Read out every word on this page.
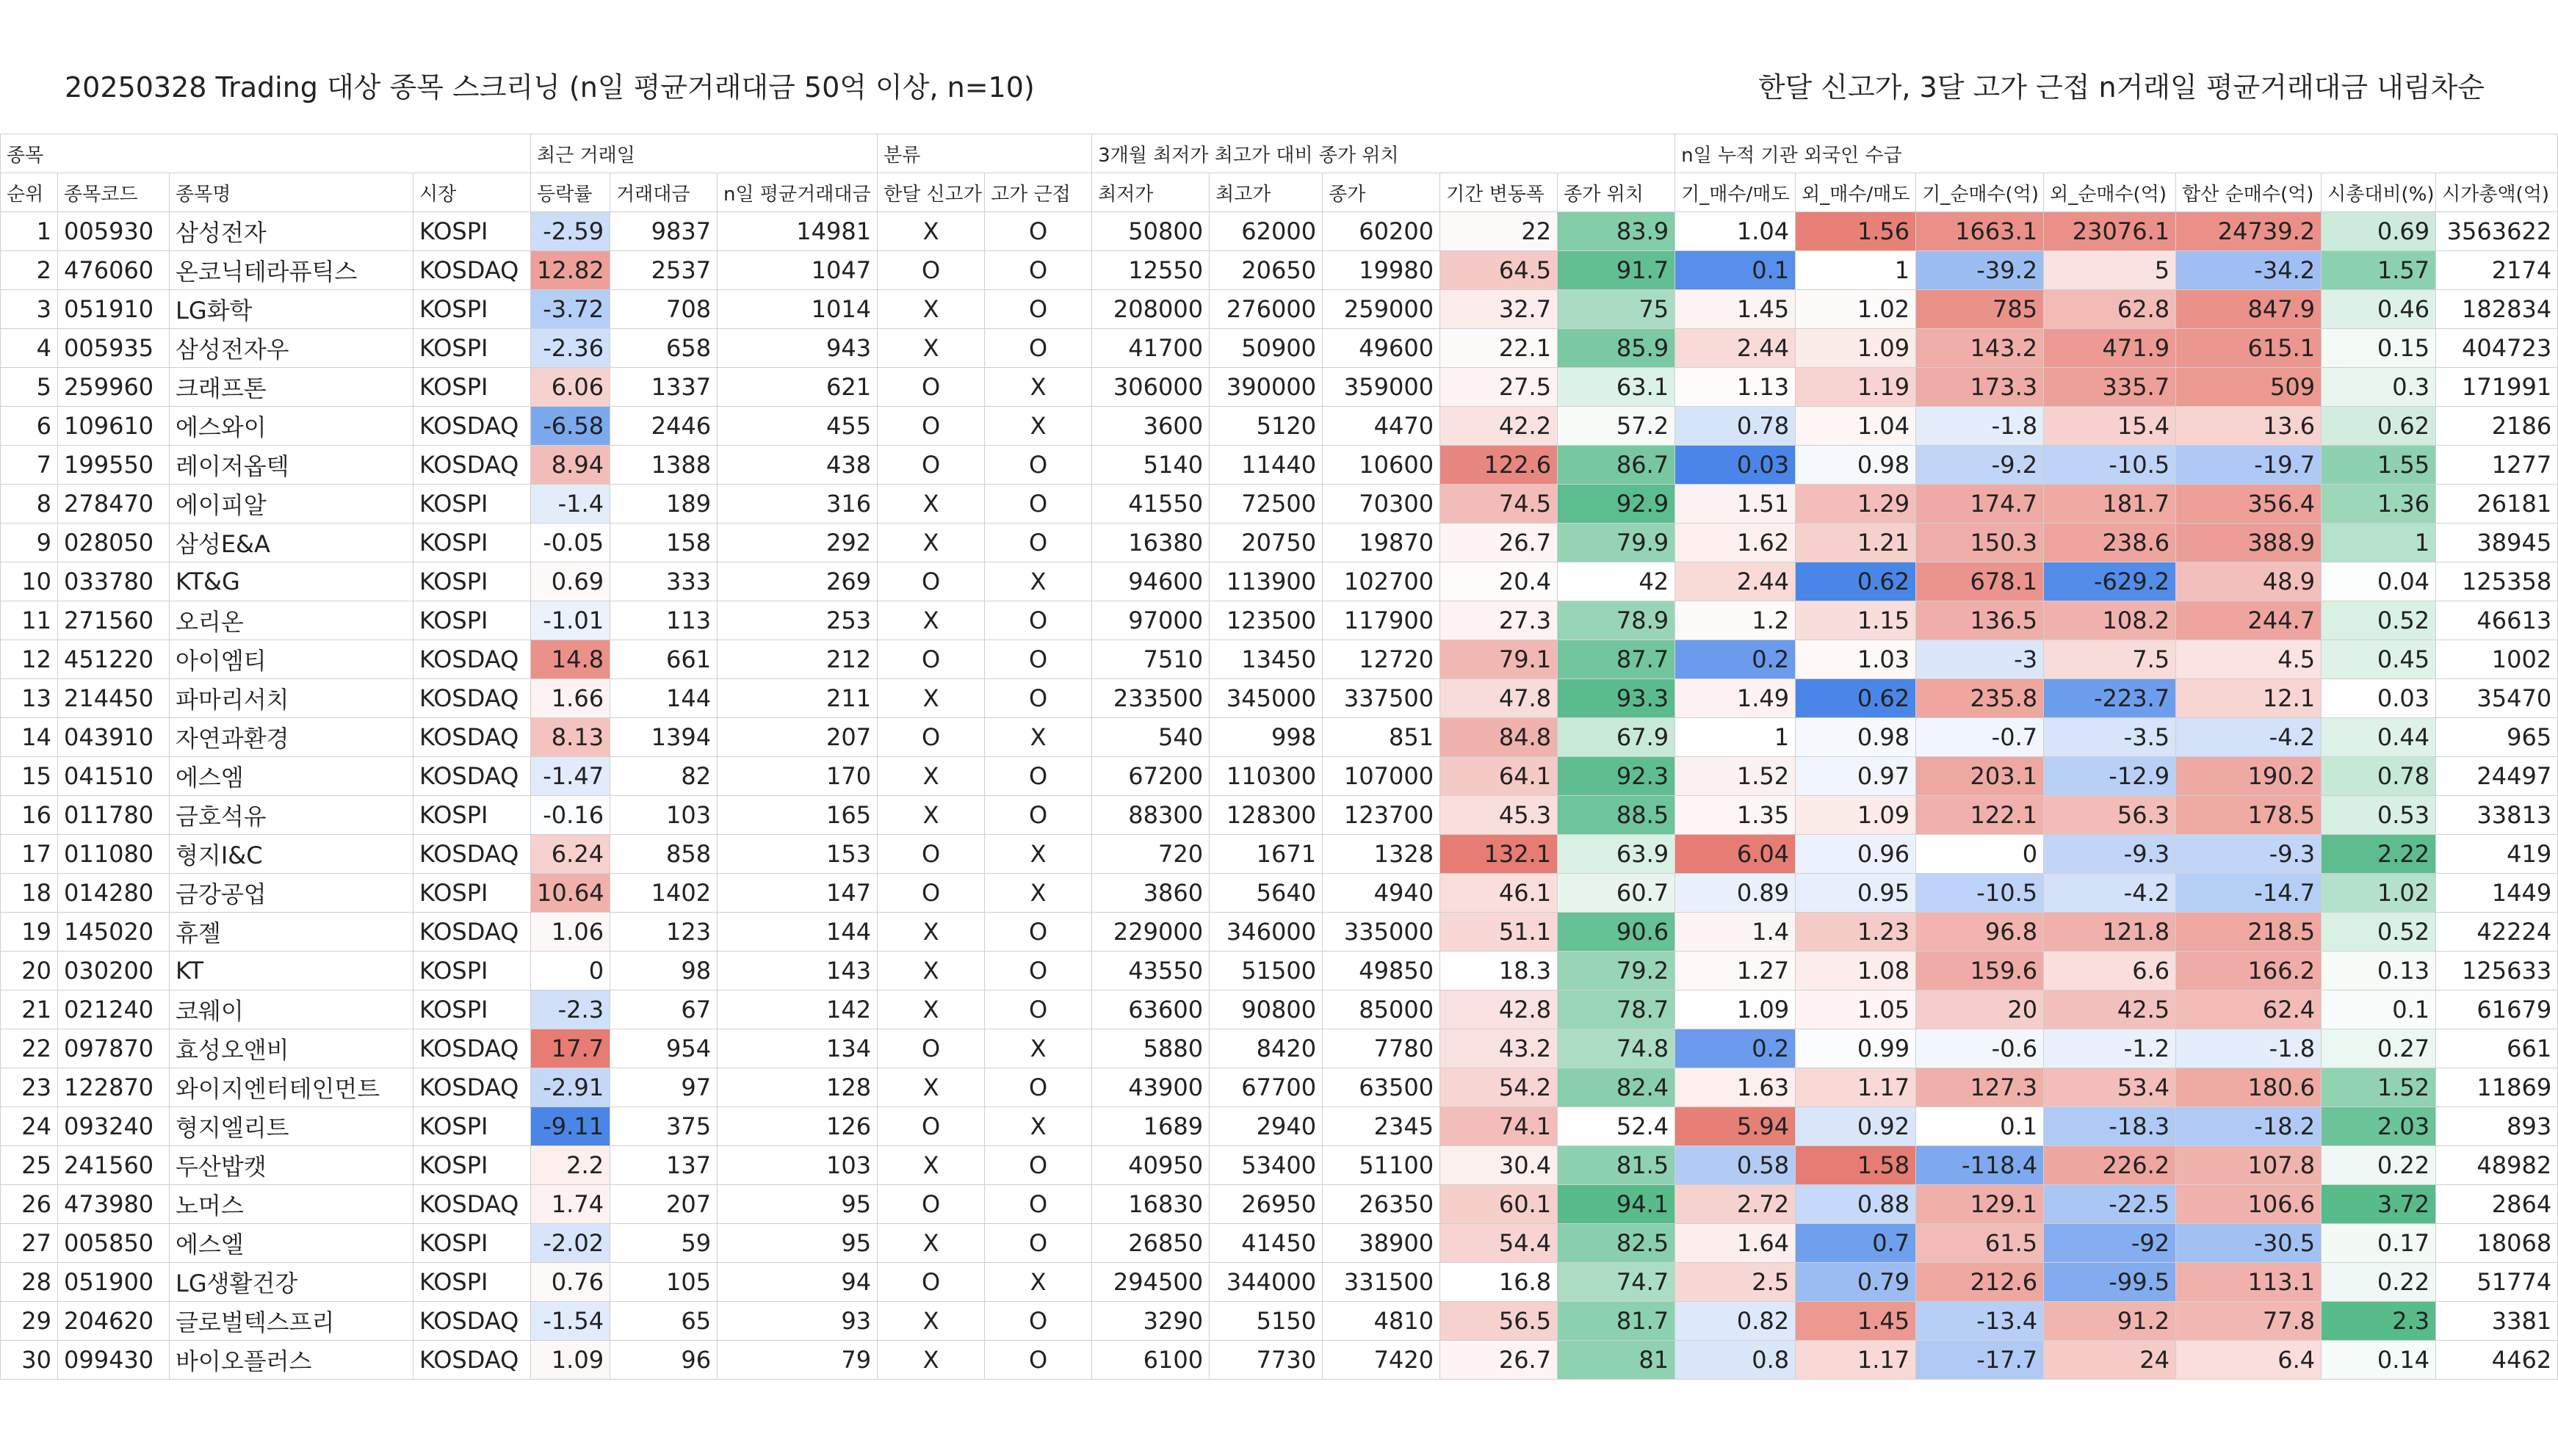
20250328 Trading 대상 종목 스크리닝 (n일 평균거래대금 50억 이상, n=10)	한달 신고가, 3달 고가 근접 n거래일 평균거래대금 내림차순
종목				최근 거래일			분류		3개월 최저가 최고가 대비 종가 위치					n일 누적 기관 외국인 수급						
순위	종목코드	종목명	시장	등락률	거래대금	n일 평균거래대금	한달 신고가	고가 근접	최저가	최고가	종가	기간 변동폭	종가 위치	기_매수/매도	외_매수/매도	기_순매수(억)	외_순매수(억)	합산 순매수(억)	시총대비(%)	시가총액(억)
1	005930	삼성전자	KOSPI	-2.59	9837	14981	X	O	50800	62000	60200	22	83.9	1.04	1.56	1663.1	23076.1	24739.2	0.69	3563622
2	476060	온코닉테라퓨틱스	KOSDAQ	12.82	2537	1047	O	O	12550	20650	19980	64.5	91.7	0.1	1	-39.2	5	-34.2	1.57	2174
3	051910	LG화학	KOSPI	-3.72	708	1014	X	O	208000	276000	259000	32.7	75	1.45	1.02	785	62.8	847.9	0.46	182834
4	005935	삼성전자우	KOSPI	-2.36	658	943	X	O	41700	50900	49600	22.1	85.9	2.44	1.09	143.2	471.9	615.1	0.15	404723
5	259960	크래프톤	KOSPI	6.06	1337	621	O	X	306000	390000	359000	27.5	63.1	1.13	1.19	173.3	335.7	509	0.3	171991
6	109610	에스와이	KOSDAQ	-6.58	2446	455	O	X	3600	5120	4470	42.2	57.2	0.78	1.04	-1.8	15.4	13.6	0.62	2186
7	199550	레이저옵텍	KOSDAQ	8.94	1388	438	O	O	5140	11440	10600	122.6	86.7	0.03	0.98	-9.2	-10.5	-19.7	1.55	1277
8	278470	에이피알	KOSPI	-1.4	189	316	X	O	41550	72500	70300	74.5	92.9	1.51	1.29	174.7	181.7	356.4	1.36	26181
9	028050	삼성E&A	KOSPI	-0.05	158	292	X	O	16380	20750	19870	26.7	79.9	1.62	1.21	150.3	238.6	388.9	1	38945
10	033780	KT&G	KOSPI	0.69	333	269	O	X	94600	113900	102700	20.4	42	2.44	0.62	678.1	-629.2	48.9	0.04	125358
11	271560	오리온	KOSPI	-1.01	113	253	X	O	97000	123500	117900	27.3	78.9	1.2	1.15	136.5	108.2	244.7	0.52	46613
12	451220	아이엠티	KOSDAQ	14.8	661	212	O	O	7510	13450	12720	79.1	87.7	0.2	1.03	-3	7.5	4.5	0.45	1002
13	214450	파마리서치	KOSDAQ	1.66	144	211	X	O	233500	345000	337500	47.8	93.3	1.49	0.62	235.8	-223.7	12.1	0.03	35470
14	043910	자연과환경	KOSDAQ	8.13	1394	207	O	X	540	998	851	84.8	67.9	1	0.98	-0.7	-3.5	-4.2	0.44	965
15	041510	에스엠	KOSDAQ	-1.47	82	170	X	O	67200	110300	107000	64.1	92.3	1.52	0.97	203.1	-12.9	190.2	0.78	24497
16	011780	금호석유	KOSPI	-0.16	103	165	X	O	88300	128300	123700	45.3	88.5	1.35	1.09	122.1	56.3	178.5	0.53	33813
17	011080	형지I&C	KOSDAQ	6.24	858	153	O	X	720	1671	1328	132.1	63.9	6.04	0.96	0	-9.3	-9.3	2.22	419
18	014280	금강공업	KOSPI	10.64	1402	147	O	X	3860	5640	4940	46.1	60.7	0.89	0.95	-10.5	-4.2	-14.7	1.02	1449
19	145020	휴젤	KOSDAQ	1.06	123	144	X	O	229000	346000	335000	51.1	90.6	1.4	1.23	96.8	121.8	218.5	0.52	42224
20	030200	KT	KOSPI	0	98	143	X	O	43550	51500	49850	18.3	79.2	1.27	1.08	159.6	6.6	166.2	0.13	125633
21	021240	코웨이	KOSPI	-2.3	67	142	X	O	63600	90800	85000	42.8	78.7	1.09	1.05	20	42.5	62.4	0.1	61679
22	097870	효성오앤비	KOSDAQ	17.7	954	134	O	X	5880	8420	7780	43.2	74.8	0.2	0.99	-0.6	-1.2	-1.8	0.27	661
23	122870	와이지엔터테인먼트	KOSDAQ	-2.91	97	128	X	O	43900	67700	63500	54.2	82.4	1.63	1.17	127.3	53.4	180.6	1.52	11869
24	093240	형지엘리트	KOSPI	-9.11	375	126	O	X	1689	2940	2345	74.1	52.4	5.94	0.92	0.1	-18.3	-18.2	2.03	893
25	241560	두산밥캣	KOSPI	2.2	137	103	X	O	40950	53400	51100	30.4	81.5	0.58	1.58	-118.4	226.2	107.8	0.22	48982
26	473980	노머스	KOSDAQ	1.74	207	95	O	O	16830	26950	26350	60.1	94.1	2.72	0.88	129.1	-22.5	106.6	3.72	2864
27	005850	에스엘	KOSPI	-2.02	59	95	X	O	26850	41450	38900	54.4	82.5	1.64	0.7	61.5	-92	-30.5	0.17	18068
28	051900	LG생활건강	KOSPI	0.76	105	94	O	X	294500	344000	331500	16.8	74.7	2.5	0.79	212.6	-99.5	113.1	0.22	51774
29	204620	글로벌텍스프리	KOSDAQ	-1.54	65	93	X	O	3290	5150	4810	56.5	81.7	0.82	1.45	-13.4	91.2	77.8	2.3	3381
30	099430	바이오플러스	KOSDAQ	1.09	96	79	X	O	6100	7730	7420	26.7	81	0.8	1.17	-17.7	24	6.4	0.14	4462
